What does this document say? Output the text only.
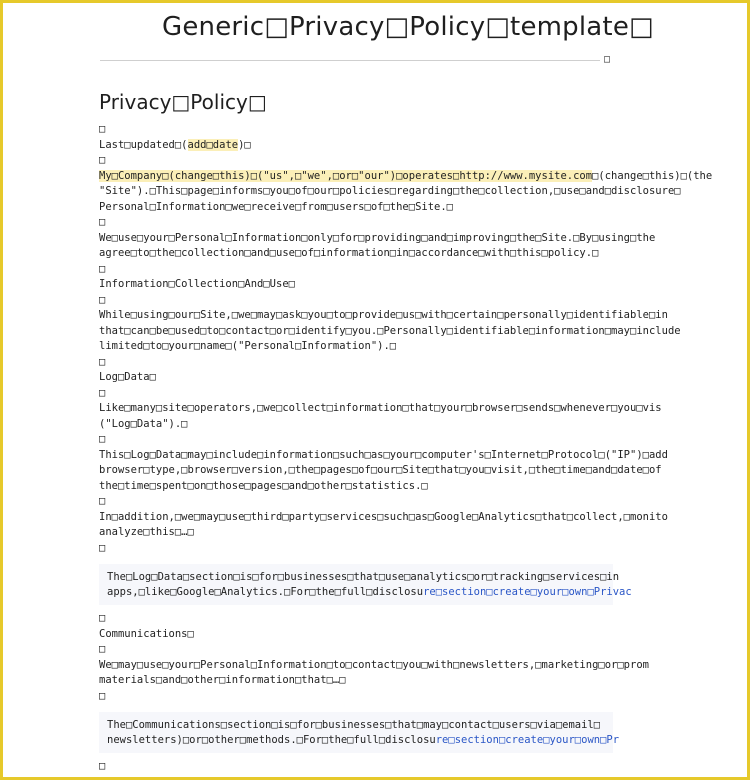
Generic□Privacy□Policy□template□
□
Privacy□Policy□
□
Last□updated□(add□date)□
□
My□Company□(change□this)□("us",□"we",□or□"our")□operates□http://www.mysite.com□(change□this)□(the
"Site").□This□page□informs□you□of□our□policies□regarding□the□collection,□use□and□disclosure□
Personal□Information□we□receive□from□users□of□the□Site.□
□
We□use□your□Personal□Information□only□for□providing□and□improving□the□Site.□By□using□the
agree□to□the□collection□and□use□of□information□in□accordance□with□this□policy.□
□
Information□Collection□And□Use□
□
While□using□our□Site,□we□may□ask□you□to□provide□us□with□certain□personally□identifiable□in
that□can□be□used□to□contact□or□identify□you.□Personally□identifiable□information□may□include
limited□to□your□name□("Personal□Information").□
□
Log□Data□
□
Like□many□site□operators,□we□collect□information□that□your□browser□sends□whenever□you□vis
("Log□Data").□
□
This□Log□Data□may□include□information□such□as□your□computer's□Internet□Protocol□("IP")□add
browser□type,□browser□version,□the□pages□of□our□Site□that□you□visit,□the□time□and□date□of
the□time□spent□on□those□pages□and□other□statistics.□
□
In□addition,□we□may□use□third□party□services□such□as□Google□Analytics□that□collect,□monito
analyze□this□…□
□
The□Log□Data□section□is□for□businesses□that□use□analytics□or□tracking□services□in
apps,□like□Google□Analytics.□For□the□full□disclosure□section□create□your□own□Privac
□
Communications□
□
We□may□use□your□Personal□Information□to□contact□you□with□newsletters,□marketing□or□prom
materials□and□other□information□that□…□
□
The□Communications□section□is□for□businesses□that□may□contact□users□via□email□
newsletters)□or□other□methods.□For□the□full□disclosure□section□create□your□own□Pr
□
